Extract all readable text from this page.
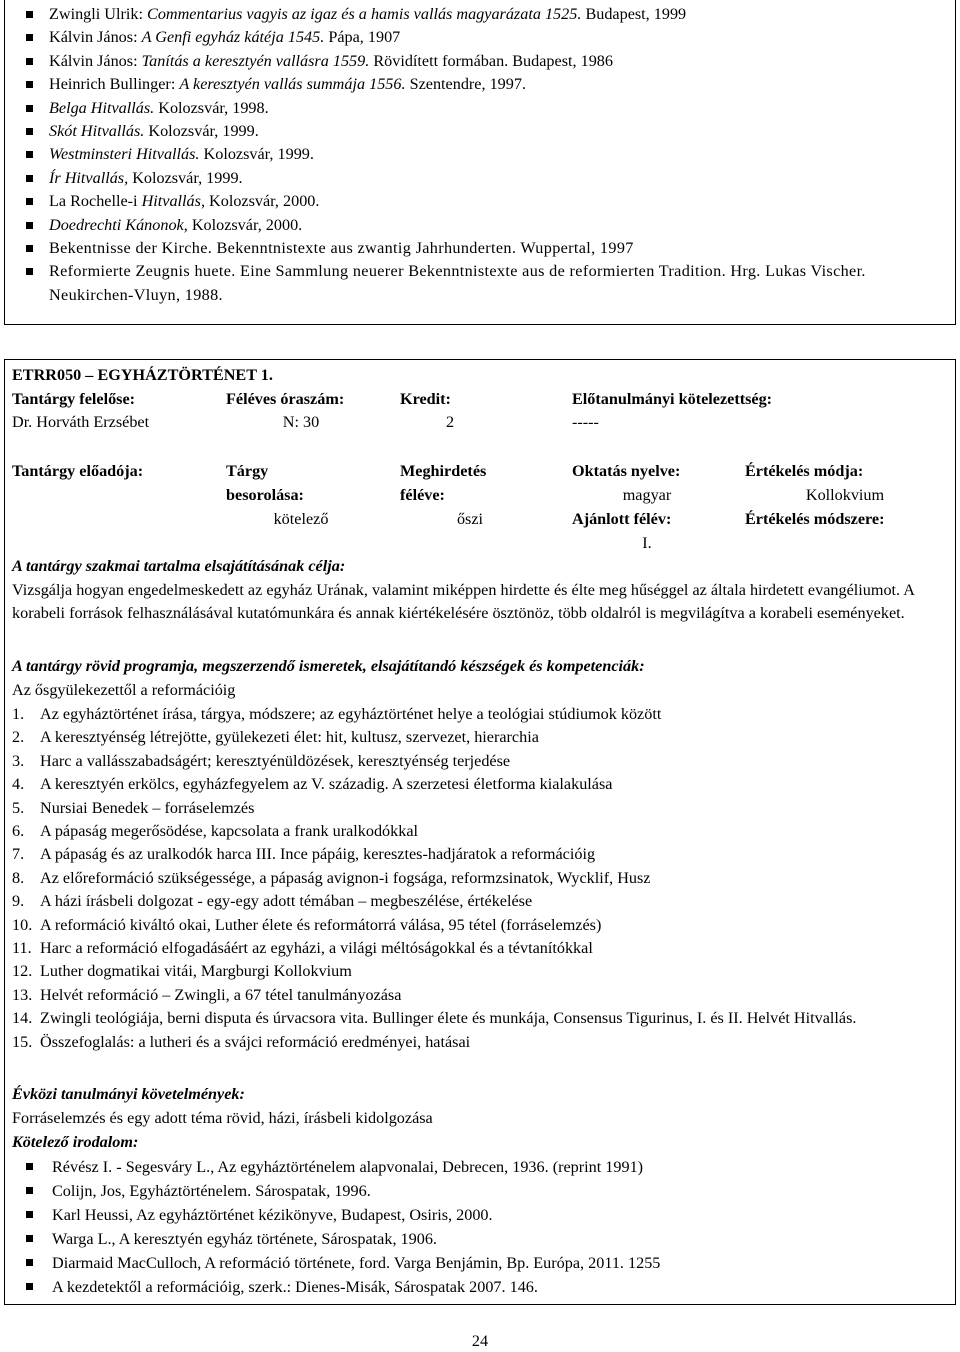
Zwingli Ulrik: Commentarius vagyis az igaz és a hamis vallás magyarázata 1525. Budapest, 1999
Kálvin János: A Genfi egyház kátéja 1545. Pápa, 1907
Kálvin János: Tanítás a keresztyén vallásra 1559. Rövidített formában. Budapest, 1986
Heinrich Bullinger: A keresztyén vallás summája 1556. Szentendre, 1997.
Belga Hitvallás. Kolozsvár, 1998.
Skót Hitvallás. Kolozsvár, 1999.
Westminsteri Hitvallás. Kolozsvár, 1999.
Ír Hitvallás, Kolozsvár, 1999.
La Rochelle-i Hitvallás, Kolozsvár, 2000.
Doedrechti Kánonok, Kolozsvár, 2000.
Bekentnisse der Kirche. Bekenntnistexte aus zwantig Jahrhunderten. Wuppertal, 1997
Reformierte Zeugnis huete. Eine Sammlung neuerer Bekenntnistexte aus de reformierten Tradition. Hrg. Lukas Vischer. Neukirchen-Vluyn, 1988.
ETRR050 – EGYHÁZTÖRTÉNET 1.
Tantárgy felelőse:
Dr. Horváth Erzsébet
Féléves óraszám:
N: 30
Kredit:
2
Előtanulmányi kötelezettség:
-----
Tantárgy előadója:	Tárgy
besorolása:
kötelező
Meghirdetés
féléve:
őszi
Oktatás nyelve:
magyar
Ajánlott félév:
I.
Értékelés módja:
Kollokvium
Értékelés módszere:
A tantárgy szakmai tartalma elsajátításának célja:
Vizsgálja hogyan engedelmeskedett az egyház Urának, valamint miképpen hirdette és élte meg hűséggel az általa hirdetett evangéliumot. A korabeli források felhasználásával kutatómunkára és annak kiértékelésére ösztönöz, több oldalról is megvilágítva a korabeli eseményeket.
A tantárgy rövid programja, megszerzendő ismeretek, elsajátítandó készségek és kompetenciák:
Az ősgyülekezettől a reformációig
1. Az egyháztörténet írása, tárgya, módszere; az egyháztörténet helye a teológiai stúdiumok között
2. A keresztyénség létrejötte, gyülekezeti élet: hit, kultusz, szervezet, hierarchia
3. Harc a vallásszabadságért; keresztyénüldözések, keresztyénség terjedése
4. A keresztyén erkölcs, egyházfegyelem az V. századig. A szerzetesi életforma kialakulása
5. Nursiai Benedek – forráselemzés
6. A pápaság megerősödése, kapcsolata a frank uralkodókkal
7. A pápaság és az uralkodók harca III. Ince pápáig, keresztes-hadjáratok a reformációig
8. Az előreformáció szükségessége, a pápaság avignon-i fogsága, reformzsinatok, Wycklif, Husz
9. A házi írásbeli dolgozat - egy-egy adott témában – megbeszélése, értékelése
10. A reformáció kiváltó okai, Luther élete és reformátorrá válása, 95 tétel (forráselemzés)
11. Harc a reformáció elfogadásáért az egyházi, a világi méltóságokkal és a tévtanítókkal
12. Luther dogmatikai vitái, Margburgi Kollokvium
13. Helvét reformáció – Zwingli, a 67 tétel tanulmányozása
14. Zwingli teológiája, berni disputa és úrvacsora vita. Bullinger élete és munkája, Consensus Tigurinus, I. és II. Helvét Hitvallás.
15. Összefoglalás: a lutheri és a svájci reformáció eredményei, hatásai
Évközi tanulmányi követelmények:
Forráselemzés és egy adott téma rövid, házi, írásbeli kidolgozása
Kötelező irodalom:
Révész I. - Segesváry L., Az egyháztörténelem alapvonalai, Debrecen, 1936. (reprint 1991)
Colijn, Jos, Egyháztörténelem. Sárospatak, 1996.
Karl Heussi, Az egyháztörténet kézikönyve, Budapest, Osiris, 2000.
Warga L., A keresztyén egyház története, Sárospatak, 1906.
Diarmaid MacCulloch, A reformáció története, ford. Varga Benjámin, Bp. Európa, 2011. 1255
A kezdetektől a reformációig, szerk.: Dienes-Misák, Sárospatak 2007. 146.
24
